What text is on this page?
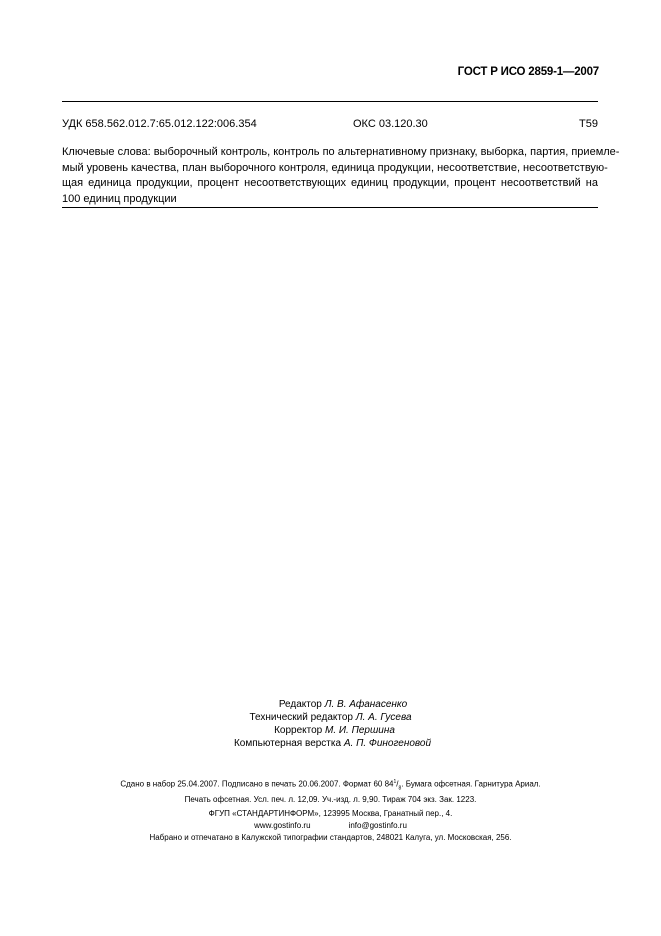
ГОСТ Р ИСО 2859-1—2007
УДК 658.562.012.7:65.012.122:006.354	ОКС 03.120.30	Т59
Ключевые слова: выборочный контроль, контроль по альтернативному признаку, выборка, партия, приемле-
мый уровень качества, план выборочного контроля, единица продукции, несоответствие, несоответствую-
щая единица продукции, процент несоответствующих единиц продукции, процент несоответствий на
100 единиц продукции
Редактор Л. В. Афанасенко
Технический редактор Л. А. Гусева
Корректор М. И. Першина
Компьютерная верстка А. П. Финогеновой
Сдано в набор 25.04.2007. Подписано в печать 20.06.2007. Формат 60 $84^1/_8$. Бумага офсетная. Гарнитура Ариал.
Печать офсетная. Усл. печ. л. 12,09. Уч.-изд. л. 9,90. Тираж 704 экз. Зак. 1223.
ФГУП «СТАНДАРТИНФОРМ», 123995 Москва, Гранатный пер., 4.
www.gostinfo.ru	info@gostinfo.ru
Набрано и отпечатано в Калужской типографии стандартов, 248021 Калуга, ул. Московская, 256.
